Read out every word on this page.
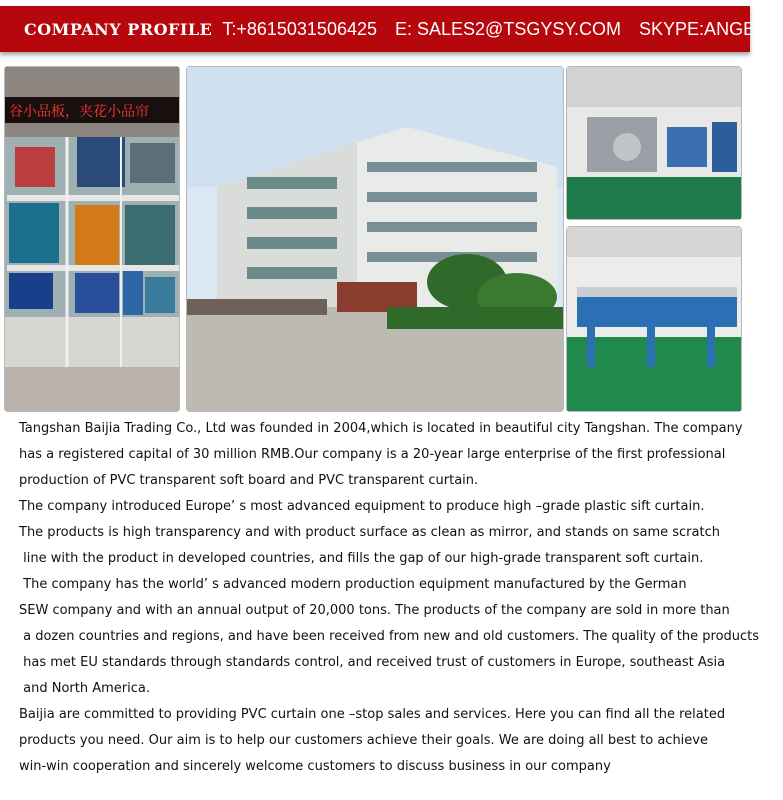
COMPANY PROFILE T:+8615031506425 E: SALES2@TSGYSY.COM SKYPE:ANGEL
谷小品板，夹花小品帘
Tangshan Baijia Trading Co., Ltd was founded in 2004,which is located in beautiful city Tangshan. The company
has a registered capital of 30 million RMB.Our company is a 20-year large enterprise of the first professional
production of PVC transparent soft board and PVC transparent curtain.
The company introduced Europe’ s most advanced equipment to produce high –grade plastic sift curtain.
The products is high transparency and with product surface as clean as mirror, and stands on same scratch
line with the product in developed countries, and fills the gap of our high-grade transparent soft curtain.
The company has the world’ s advanced modern production equipment manufactured by the German
SEW company and with an annual output of 20,000 tons. The products of the company are sold in more than
a dozen countries and regions, and have been received from new and old customers. The quality of the products
has met EU standards through standards control, and received trust of customers in Europe, southeast Asia
and North America.
Baijia are committed to providing PVC curtain one –stop sales and services. Here you can find all the related
products you need. Our aim is to help our customers achieve their goals. We are doing all best to achieve
win-win cooperation and sincerely welcome customers to discuss business in our company
